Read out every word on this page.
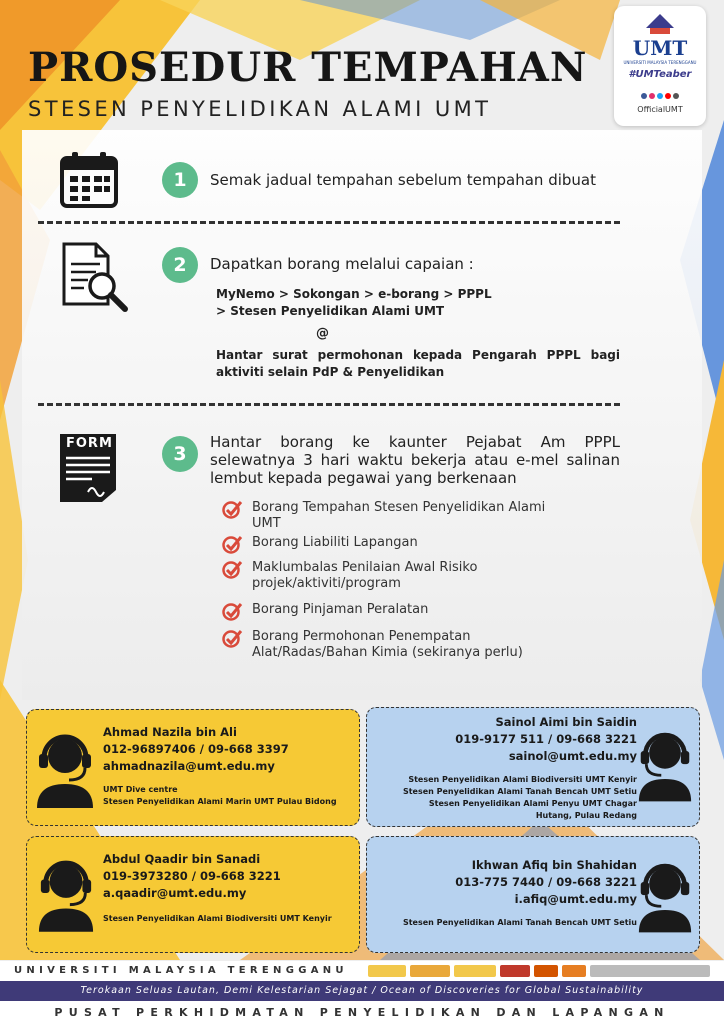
PROSEDUR TEMPAHAN
STESEN PENYELIDIKAN ALAMI UMT
UMT
UNIVERSITI MALAYSIA TERENGGANU
#UMTeaber
OfficialUMT
1	Semak jadual tempahan sebelum tempahan dibuat
2	Dapatkan borang melalui capaian :
MyNemo > Sokongan > e-borang > PPPL
> Stesen Penyelidikan Alami UMT
@
Hantar surat permohonan kepada Pengarah PPPL bagi aktiviti selain PdP & Penyelidikan
FORM	3
Hantar borang ke kaunter Pejabat Am PPPL selewatnya 3 hari waktu bekerja atau e-mel salinan lembut kepada pegawai yang berkenaan
Borang Tempahan Stesen Penyelidikan Alami UMT
Borang Liabiliti Lapangan
Maklumbalas Penilaian Awal Risiko projek/aktiviti/program
Borang Pinjaman Peralatan
Borang Permohonan Penempatan Alat/Radas/Bahan Kimia (sekiranya perlu)
Ahmad Nazila bin Ali
012-96897406 / 09-668 3397
ahmadnazila@umt.edu.my
UMT Dive centre
Stesen Penyelidikan Alami Marin UMT Pulau Bidong
Sainol Aimi bin Saidin
019-9177 511 / 09-668 3221
sainol@umt.edu.my
Stesen Penyelidikan Alami Biodiversiti UMT Kenyir
Stesen Penyelidikan Alami Tanah Bencah UMT Setiu
Stesen Penyelidikan Alami Penyu UMT Chagar Hutang, Pulau Redang
Abdul Qaadir bin Sanadi
019-3973280 / 09-668 3221
a.qaadir@umt.edu.my
Stesen Penyelidikan Alami Biodiversiti UMT Kenyir
Ikhwan Afiq bin Shahidan
013-775 7440 / 09-668 3221
i.afiq@umt.edu.my
Stesen Penyelidikan Alami Tanah Bencah UMT Setiu
UNIVERSITI MALAYSIA TERENGGANU
Terokaan Seluas Lautan, Demi Kelestarian Sejagat / Ocean of Discoveries for Global Sustainability
PUSAT PERKHIDMATAN PENYELIDIKAN DAN LAPANGAN
